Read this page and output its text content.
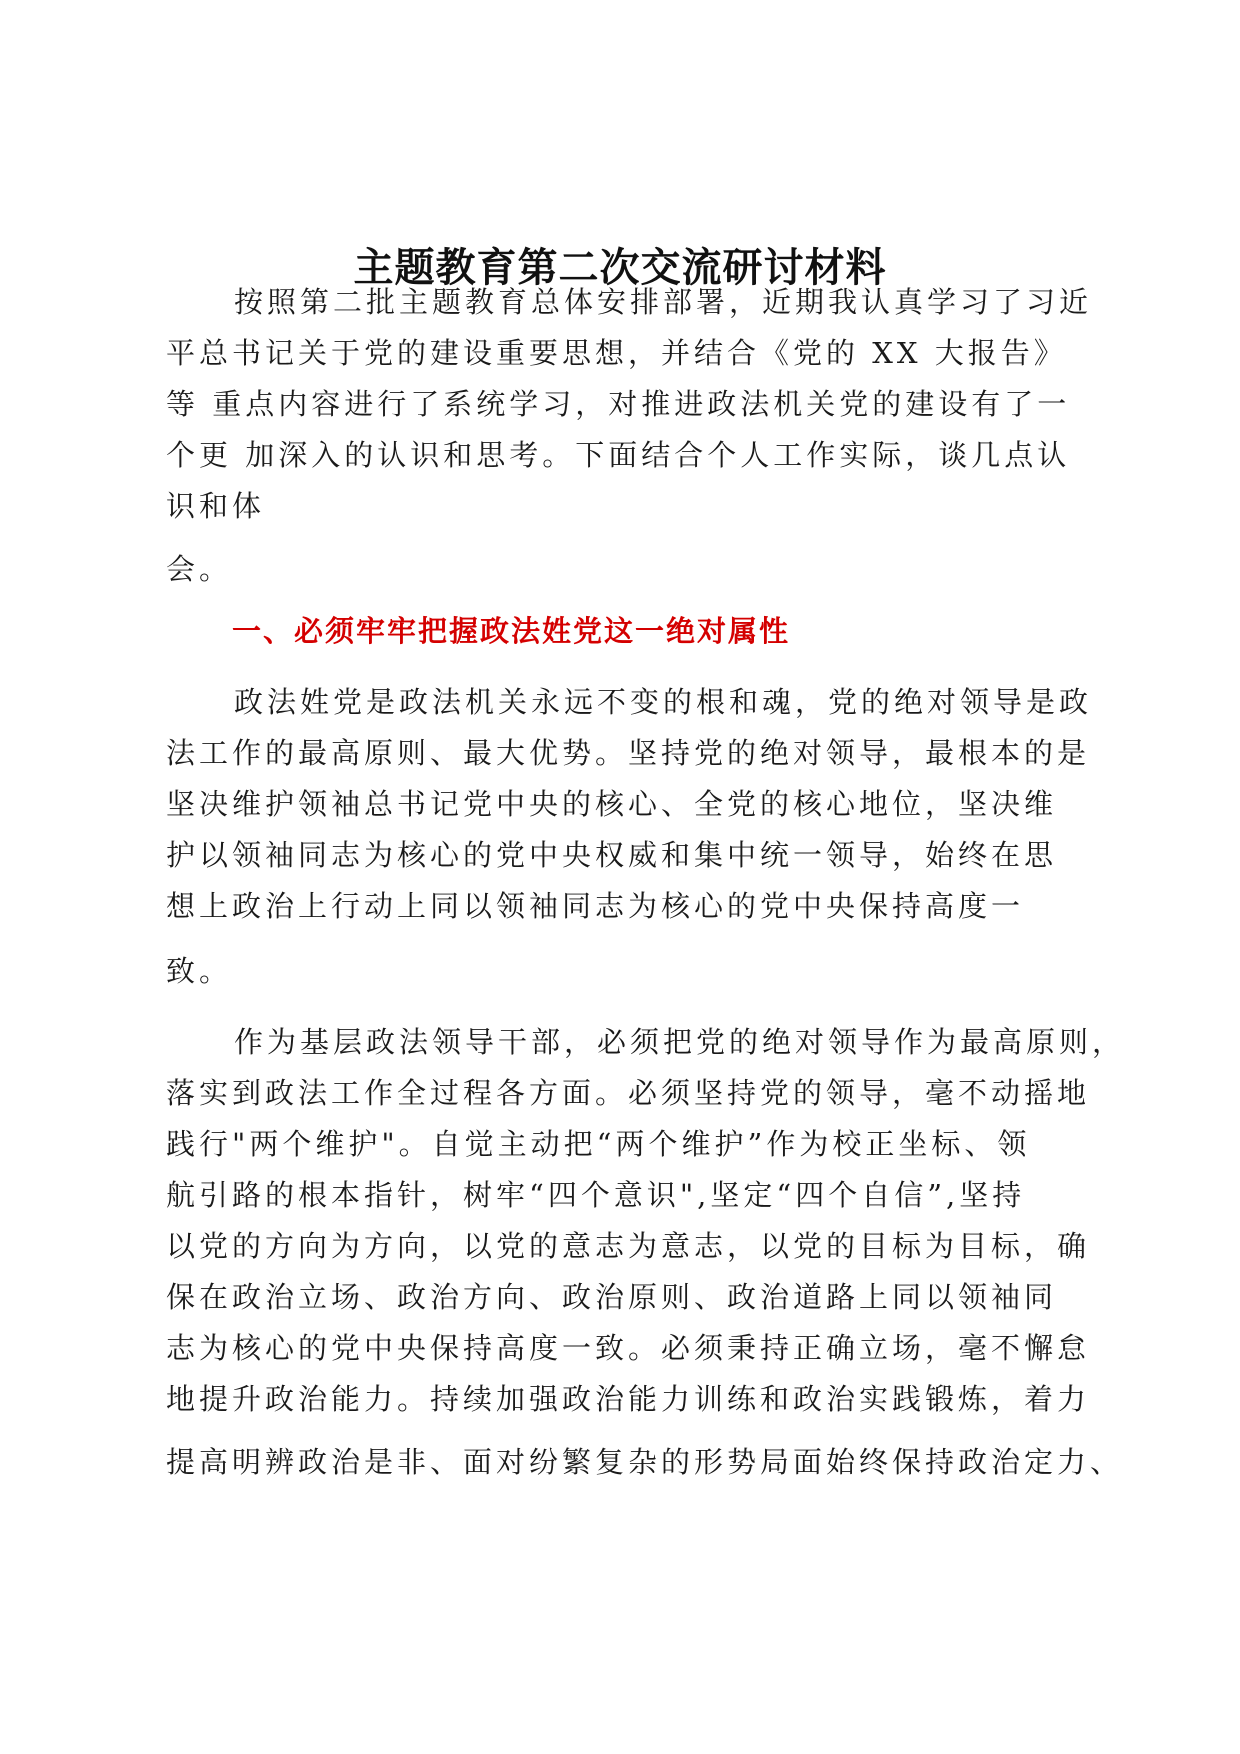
主题教育第二次交流研讨材料
按照第二批主题教育总体安排部署，近期我认真学习了习近
平总书记关于党的建设重要思想，并结合《党的 XX 大报告》
等 重点内容进行了系统学习，对推进政法机关党的建设有了一
个更 加深入的认识和思考。下面结合个人工作实际，谈几点认
识和体
会。
一、必须牢牢把握政法姓党这一绝对属性
政法姓党是政法机关永远不变的根和魂，党的绝对领导是政
法工作的最高原则、最大优势。坚持党的绝对领导，最根本的是
坚决维护领袖总书记党中央的核心、全党的核心地位，坚决维
护以领袖同志为核心的党中央权威和集中统一领导，始终在思
想上政治上行动上同以领袖同志为核心的党中央保持高度一
致。
作为基层政法领导干部，必须把党的绝对领导作为最高原则，
落实到政法工作全过程各方面。必须坚持党的领导，毫不动摇地
践行"两个维护"。自觉主动把“两个维护”作为校正坐标、领
航引路的根本指针，树牢“四个意识",坚定“四个自信”,坚持
以党的方向为方向，以党的意志为意志，以党的目标为目标，确
保在政治立场、政治方向、政治原则、政治道路上同以领袖同
志为核心的党中央保持高度一致。必须秉持正确立场，毫不懈怠
地提升政治能力。持续加强政治能力训练和政治实践锻炼，着力
提高明辨政治是非、面对纷繁复杂的形势局面始终保持政治定力、
